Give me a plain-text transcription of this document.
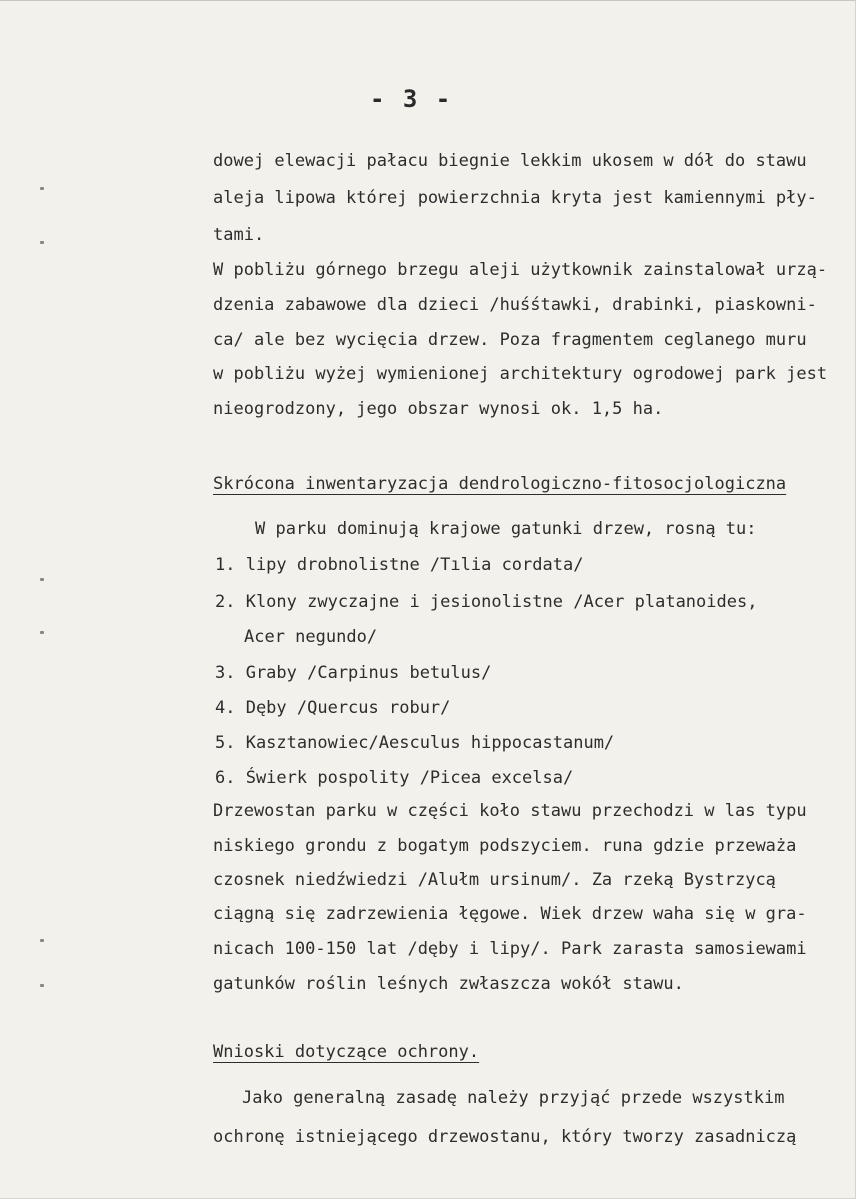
- 3 -
dowej elewacji pałacu biegnie lekkim ukosem w dół do stawu
aleja lipowa której powierzchnia kryta jest kamiennymi pły-
tami.
W pobliżu górnego brzegu aleji użytkownik zainstalował urzą-
dzenia zabawowe dla dzieci /huśśtawki, drabinki, piaskowni-
ca/ ale bez wycięcia drzew. Poza fragmentem ceglanego muru
w pobliżu wyżej wymienionej architektury ogrodowej park jest
nieogrodzony, jego obszar wynosi ok. 1,5 ha.
Skrócona inwentaryzacja dendrologiczno-fitosocjologiczna
W parku dominują krajowe gatunki drzew, rosną tu:
1. lipy drobnolistne /Tılia cordata/
2. Klony zwyczajne i jesionolistne /Acer platanoides,
Acer negundo/
3. Graby /Carpinus betulus/
4. Dęby /Quercus robur/
5. Kasztanowiec/Aesculus hippocastanum/
6. Świerk pospolity /Picea excelsa/
Drzewostan parku w części koło stawu przechodzi w las typu
niskiego grondu z bogatym podszyciem. runa gdzie przeważa
czosnek niedźwiedzi /Alułm ursinum/. Za rzeką Bystrzycą
ciągną się zadrzewienia łęgowe. Wiek drzew waha się w gra-
nicach 100-150 lat /dęby i lipy/. Park zarasta samosiewami
gatunków roślin leśnych zwłaszcza wokół stawu.
Wnioski dotyczące ochrony.
Jako generalną zasadę należy przyjąć przede wszystkim
ochronę istniejącego drzewostanu, który tworzy zasadniczą
